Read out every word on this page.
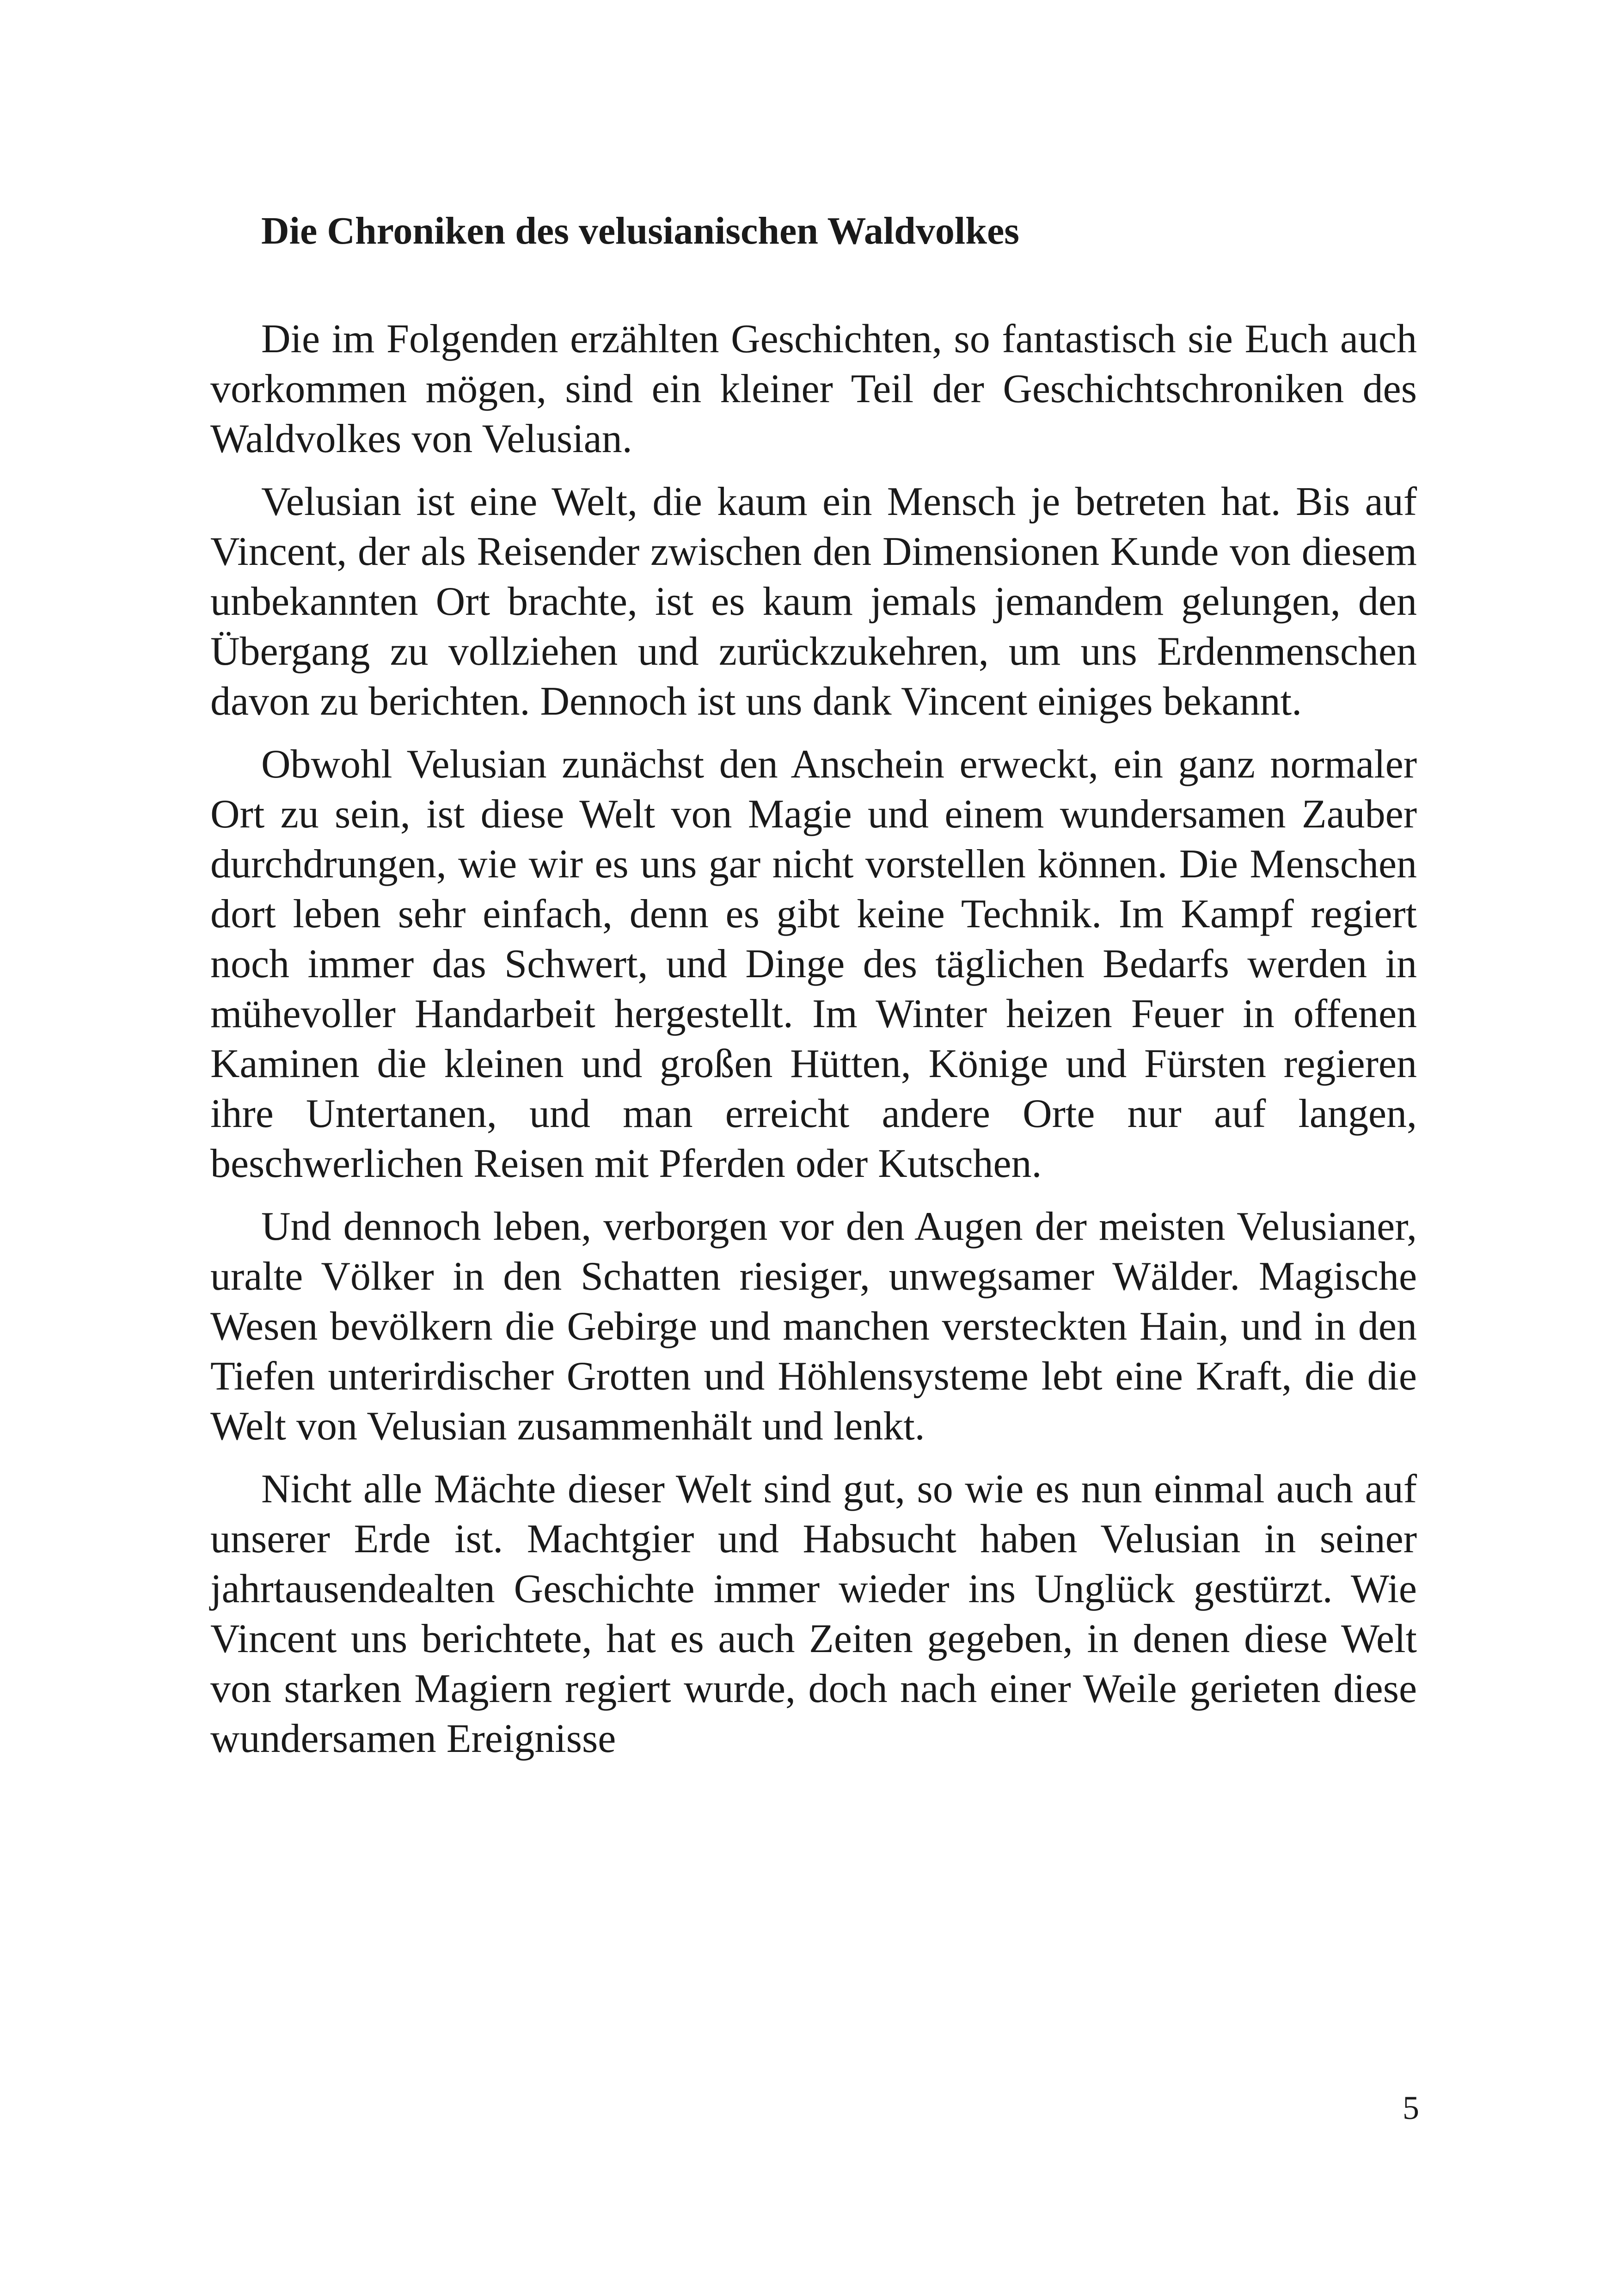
Die Chroniken des velusianischen Waldvolkes

Die im Folgenden erzählten Geschichten, so fantastisch sie Euch auch vorkommen mögen, sind ein kleiner Teil der Geschichtschroniken des Waldvolkes von Velusian.

Velusian ist eine Welt, die kaum ein Mensch je betreten hat. Bis auf Vincent, der als Reisender zwischen den Dimensionen Kunde von diesem unbekannten Ort brachte, ist es kaum jemals jemandem gelungen, den Übergang zu vollziehen und zurückzukehren, um uns Erdenmenschen davon zu berichten. Dennoch ist uns dank Vincent einiges bekannt.

Obwohl Velusian zunächst den Anschein erweckt, ein ganz normaler Ort zu sein, ist diese Welt von Magie und einem wundersamen Zauber durchdrungen, wie wir es uns gar nicht vorstellen können. Die Menschen dort leben sehr einfach, denn es gibt keine Technik. Im Kampf regiert noch immer das Schwert, und Dinge des täglichen Bedarfs werden in mühevoller Handarbeit hergestellt. Im Winter heizen Feuer in offenen Kaminen die kleinen und großen Hütten, Könige und Fürsten regieren ihre Untertanen, und man erreicht andere Orte nur auf langen, beschwerlichen Reisen mit Pferden oder Kutschen.

Und dennoch leben, verborgen vor den Augen der meisten Velusianer, uralte Völker in den Schatten riesiger, unwegsamer Wälder. Magische Wesen bevölkern die Gebirge und manchen versteckten Hain, und in den Tiefen unterirdischer Grotten und Höhlensysteme lebt eine Kraft, die die Welt von Velusian zusammenhält und lenkt.

Nicht alle Mächte dieser Welt sind gut, so wie es nun einmal auch auf unserer Erde ist. Machtgier und Habsucht haben Velusian in seiner jahrtausendealten Geschichte immer wieder ins Unglück gestürzt. Wie Vincent uns berichtete, hat es auch Zeiten gegeben, in denen diese Welt von starken Magiern regiert wurde, doch nach einer Weile gerieten diese wundersamen Ereignisse

5
